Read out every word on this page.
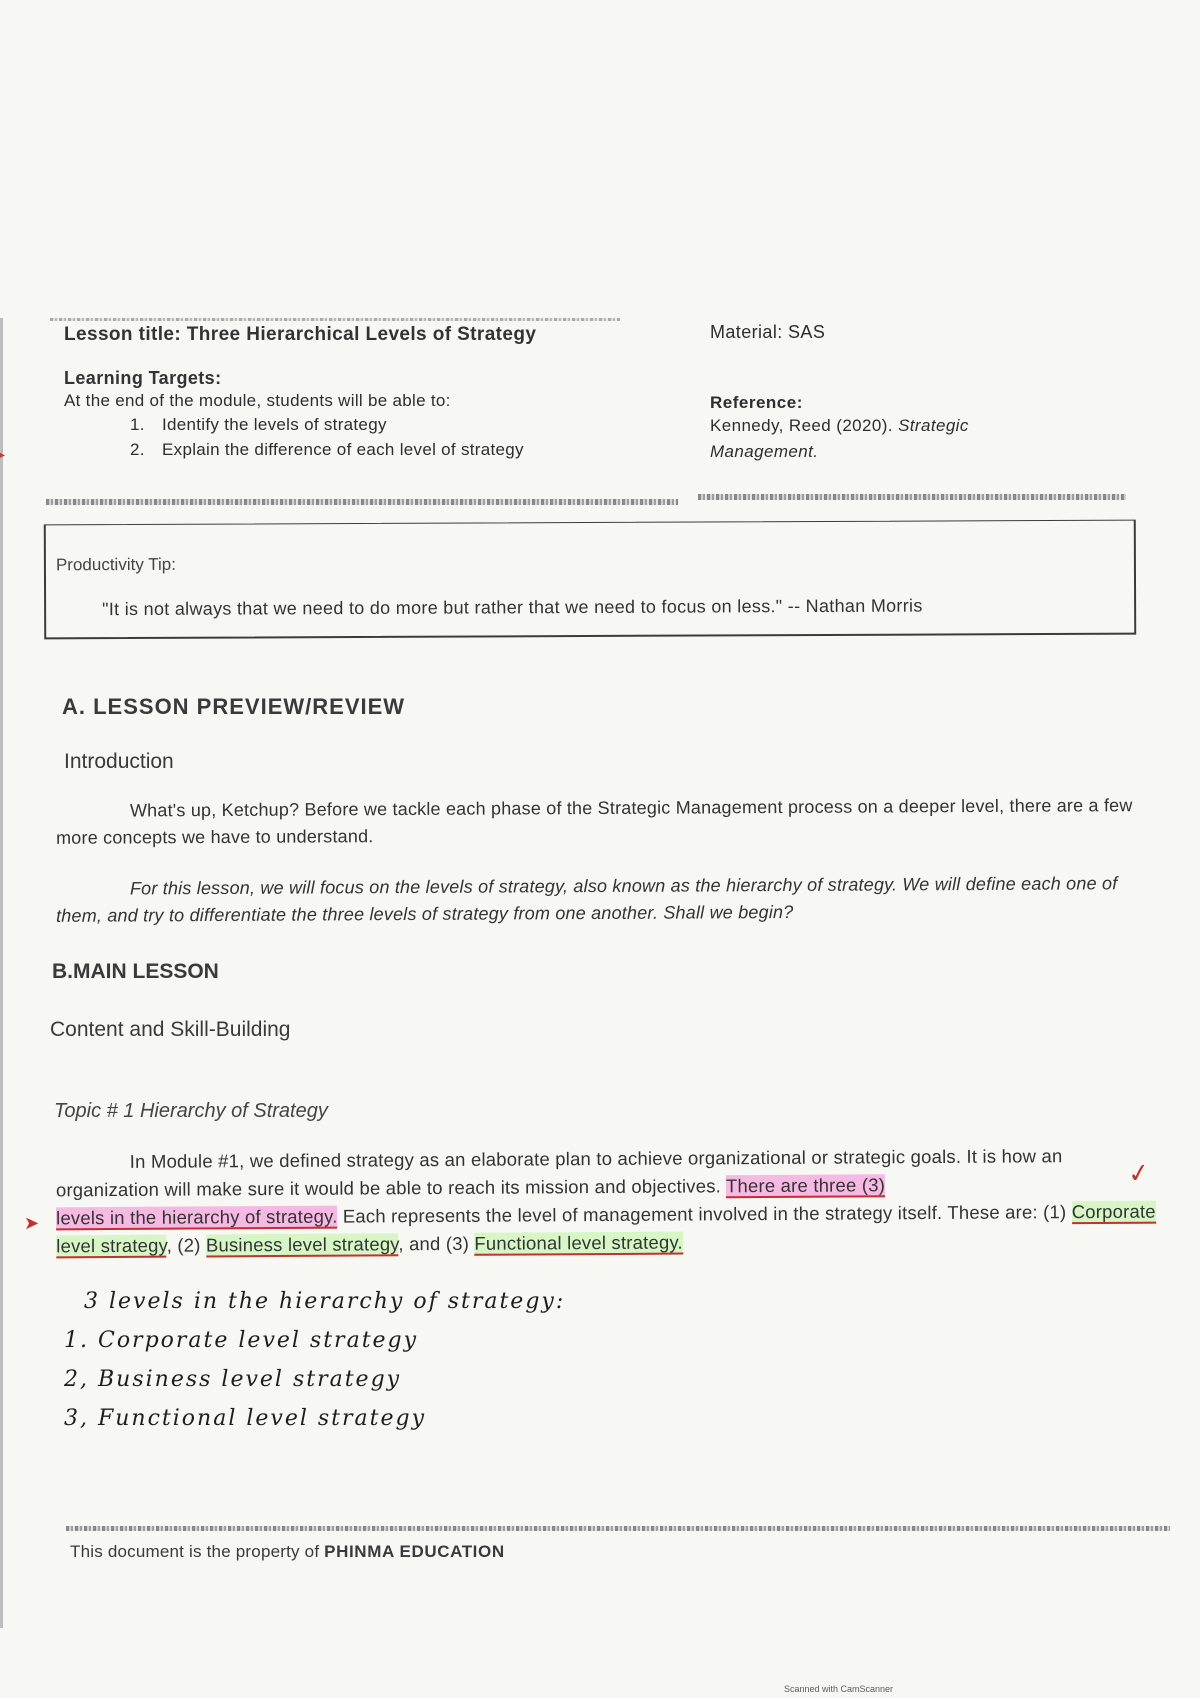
▸
Lesson title: Three Hierarchical Levels of Strategy
Learning Targets:
At the end of the module, students will be able to:
1. Identify the levels of strategy
2. Explain the difference of each level of strategy
Material: SAS
Reference:
Kennedy, Reed (2020). Strategic
Management.
Productivity Tip:
"It is not always that we need to do more but rather that we need to focus on less." -- Nathan Morris
A. LESSON PREVIEW/REVIEW
Introduction
What's up, Ketchup? Before we tackle each phase of the Strategic Management process on a deeper level, there are a few more concepts we have to understand.
For this lesson, we will focus on the levels of strategy, also known as the hierarchy of strategy. We will define each one of them, and try to differentiate the three levels of strategy from one another. Shall we begin?
B.MAIN LESSON
Content and Skill-Building
Topic # 1 Hierarchy of Strategy
In Module #1, we defined strategy as an elaborate plan to achieve organizational or strategic goals. It is how an organization will make sure it would be able to reach its mission and objectives. There are three (3)
levels in the hierarchy of strategy. Each represents the level of management involved in the strategy itself. These are: (1) Corporate level strategy, (2) Business level strategy, and (3) Functional level strategy.
✓
➤
3 levels in the hierarchy of strategy:
1. Corporate level strategy
2, Business level strategy
3, Functional level strategy
This document is the property of PHINMA EDUCATION
Scanned with CamScanner
